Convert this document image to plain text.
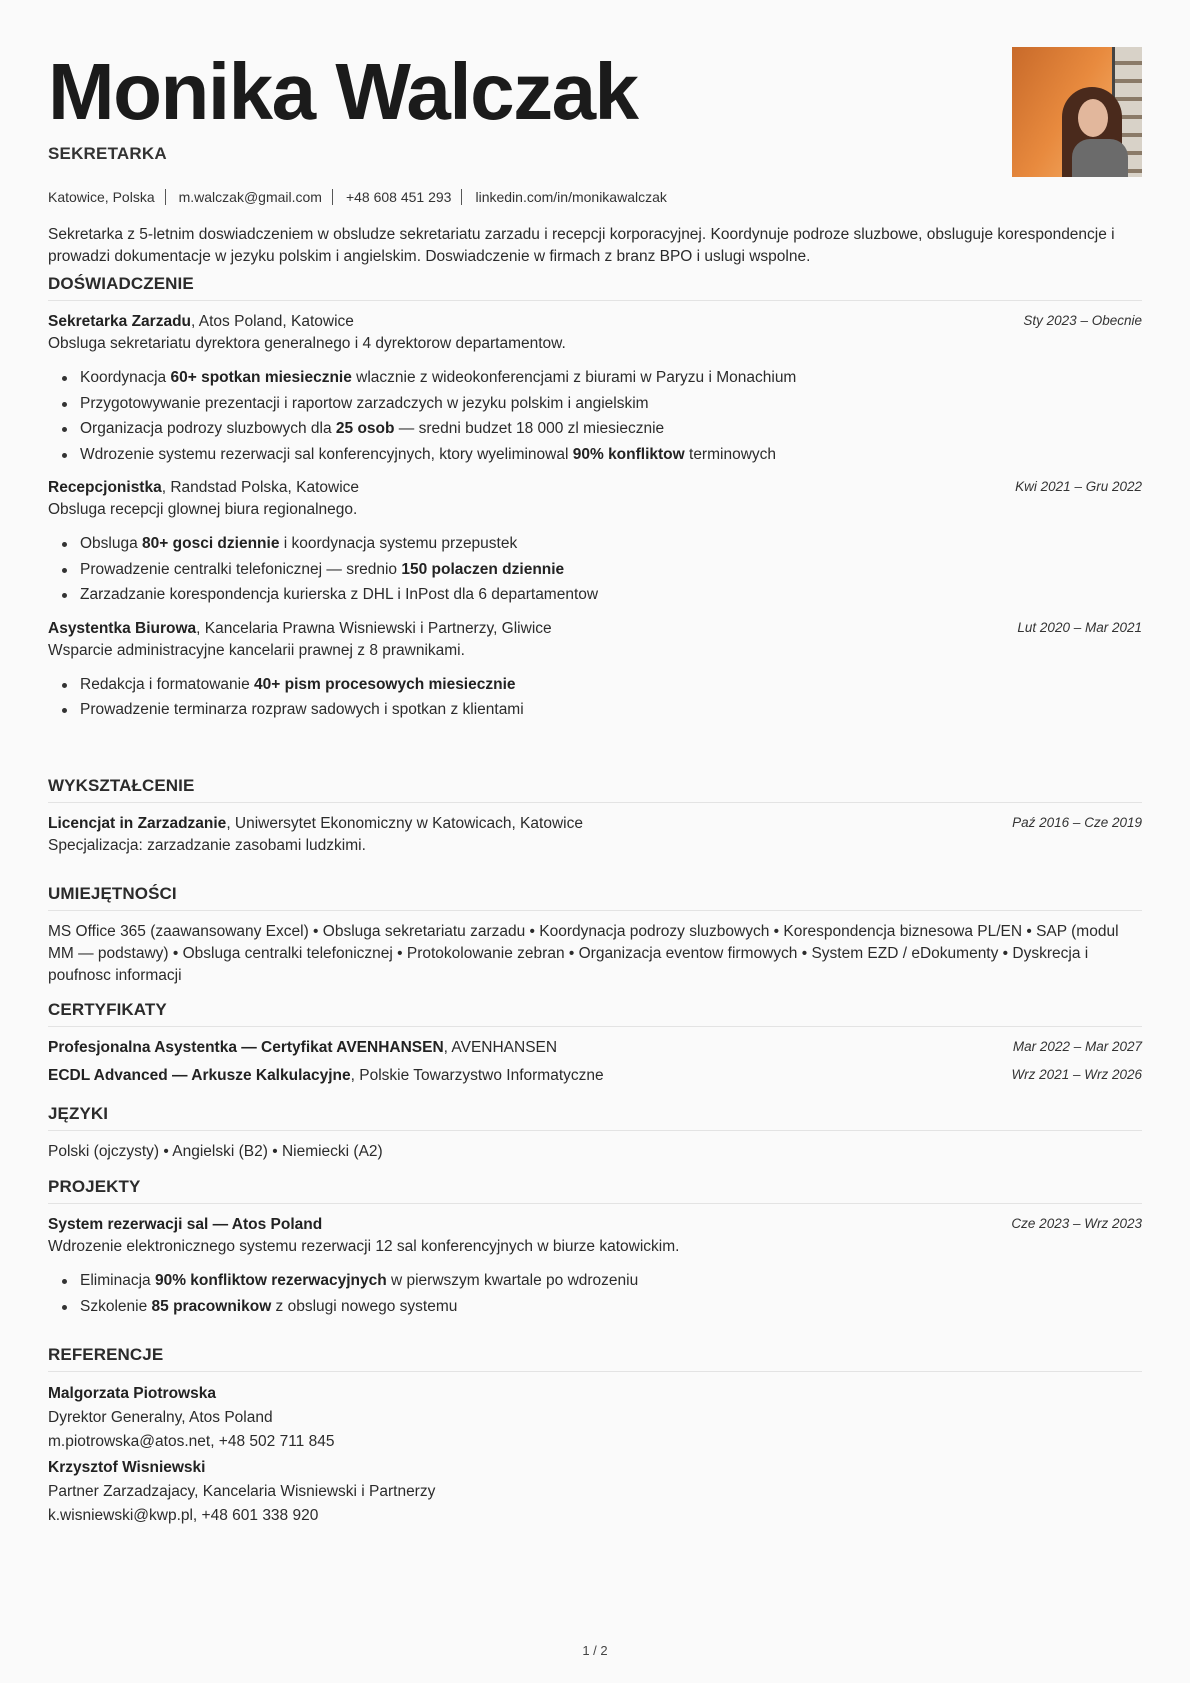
Monika Walczak
SEKRETARKA
Katowice, Polska m.walczak@gmail.com +48 608 451 293 linkedin.com/in/monikawalczak
Sekretarka z 5-letnim doswiadczeniem w obsludze sekretariatu zarzadu i recepcji korporacyjnej. Koordynuje podroze sluzbowe, obsluguje korespondencje i prowadzi dokumentacje w jezyku polskim i angielskim. Doswiadczenie w firmach z branz BPO i uslugi wspolne.
DOŚWIADCZENIE
Sekretarka Zarzadu, Atos Poland, Katowice	Sty 2023 – Obecnie
Obsluga sekretariatu dyrektora generalnego i 4 dyrektorow departamentow.
Koordynacja 60+ spotkan miesiecznie wlacznie z wideokonferencjami z biurami w Paryzu i Monachium
Przygotowywanie prezentacji i raportow zarzadczych w jezyku polskim i angielskim
Organizacja podrozy sluzbowych dla 25 osob — sredni budzet 18 000 zl miesiecznie
Wdrozenie systemu rezerwacji sal konferencyjnych, ktory wyeliminowal 90% konfliktow terminowych
Recepcjonistka, Randstad Polska, Katowice	Kwi 2021 – Gru 2022
Obsluga recepcji glownej biura regionalnego.
Obsluga 80+ gosci dziennie i koordynacja systemu przepustek
Prowadzenie centralki telefonicznej — srednio 150 polaczen dziennie
Zarzadzanie korespondencja kurierska z DHL i InPost dla 6 departamentow
Asystentka Biurowa, Kancelaria Prawna Wisniewski i Partnerzy, Gliwice	Lut 2020 – Mar 2021
Wsparcie administracyjne kancelarii prawnej z 8 prawnikami.
Redakcja i formatowanie 40+ pism procesowych miesiecznie
Prowadzenie terminarza rozpraw sadowych i spotkan z klientami
WYKSZTAŁCENIE
Licencjat in Zarzadzanie, Uniwersytet Ekonomiczny w Katowicach, Katowice	Paź 2016 – Cze 2019
Specjalizacja: zarzadzanie zasobami ludzkimi.
UMIEJĘTNOŚCI
MS Office 365 (zaawansowany Excel) • Obsluga sekretariatu zarzadu • Koordynacja podrozy sluzbowych • Korespondencja biznesowa PL/EN • SAP (modul MM — podstawy) • Obsluga centralki telefonicznej • Protokolowanie zebran • Organizacja eventow firmowych • System EZD / eDokumenty • Dyskrecja i poufnosc informacji
CERTYFIKATY
Profesjonalna Asystentka — Certyfikat AVENHANSEN, AVENHANSEN	Mar 2022 – Mar 2027
ECDL Advanced — Arkusze Kalkulacyjne, Polskie Towarzystwo Informatyczne	Wrz 2021 – Wrz 2026
JĘZYKI
Polski (ojczysty) • Angielski (B2) • Niemiecki (A2)
PROJEKTY
System rezerwacji sal — Atos Poland	Cze 2023 – Wrz 2023
Wdrozenie elektronicznego systemu rezerwacji 12 sal konferencyjnych w biurze katowickim.
Eliminacja 90% konfliktow rezerwacyjnych w pierwszym kwartale po wdrozeniu
Szkolenie 85 pracownikow z obslugi nowego systemu
REFERENCJE
Malgorzata Piotrowska
Dyrektor Generalny, Atos Poland
m.piotrowska@atos.net, +48 502 711 845
Krzysztof Wisniewski
Partner Zarzadzajacy, Kancelaria Wisniewski i Partnerzy
k.wisniewski@kwp.pl, +48 601 338 920
1 / 2
